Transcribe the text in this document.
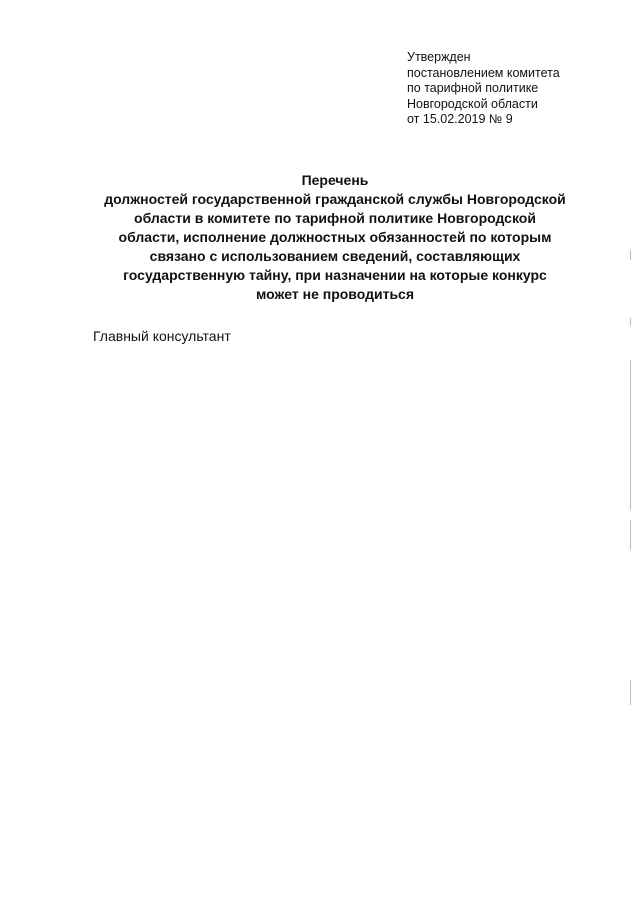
Утвержден
постановлением комитета
по тарифной политике
Новгородской области
от 15.02.2019 № 9
Перечень
должностей государственной гражданской службы Новгородской
области в комитете по тарифной политике Новгородской
области, исполнение должностных обязанностей по которым
связано с использованием сведений, составляющих
государственную тайну, при назначении на которые конкурс
может не проводиться
Главный консультант
